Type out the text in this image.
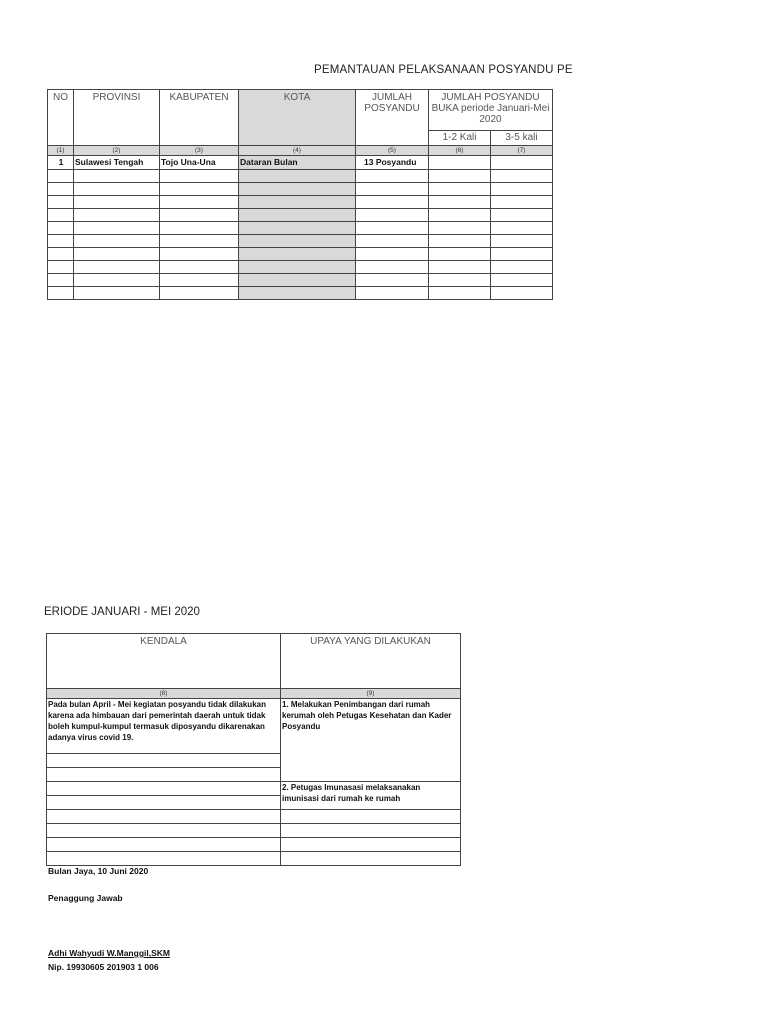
PEMANTAUAN PELAKSANAAN POSYANDU PE
NO	PROVINSI	KABUPATEN	KOTA	JUMLAH POSYANDU	JUMLAH POSYANDU
BUKA periode Januari-Mei
2020	

					1-2 Kali	3-5 kali
(1)	(2)	(3)	(4)	(5)	(6)	(7)
1	Sulawesi Tengah	Tojo Una-Una	Dataran Bulan	13 Posyandu		

ERIODE JANUARI - MEI 2020
KENDALA	UPAYA YANG DILAKUKAN
(8)	(9)
Pada bulan April - Mei kegiatan posyandu tidak dilakukan karena ada himbauan dari pemerintah daerah untuk tidak boleh kumpul-kumpul termasuk diposyandu dikarenakan adanya virus covid 19.	1. Melakukan Penimbangan dari rumah kerumah oleh Petugas Kesehatan dan Kader Posyandu

	2. Petugas Imunasasi melaksanakan imunisasi dari rumah ke rumah

Bulan Jaya, 10 Juni 2020
Penaggung Jawab
Adhi Wahyudi W.Manggil,SKM
Nip. 19930605 201903 1 006
